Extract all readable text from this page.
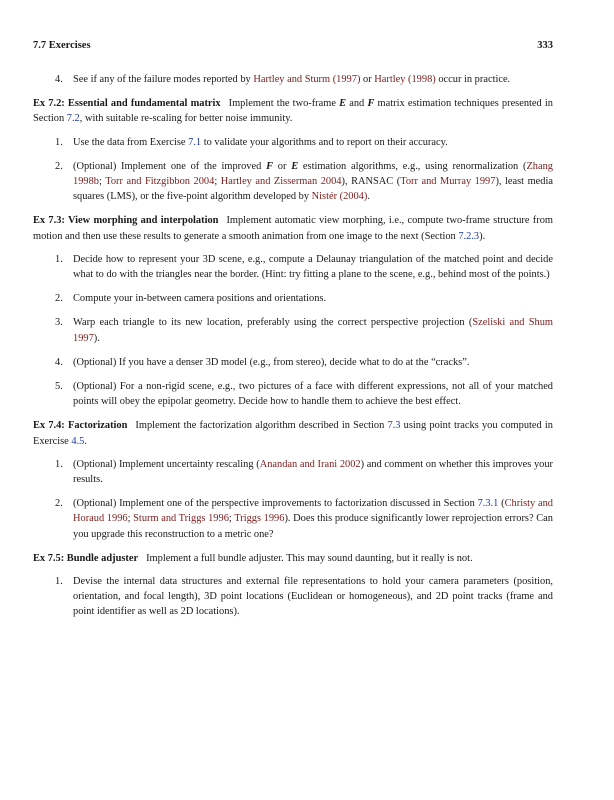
7.7 Exercises	333
4. See if any of the failure modes reported by Hartley and Sturm (1997) or Hartley (1998) occur in practice.

Ex 7.2: Essential and fundamental matrix Implement the two-frame E and F matrix estimation techniques presented in Section 7.2, with suitable re-scaling for better noise immunity.

1. Use the data from Exercise 7.1 to validate your algorithms and to report on their accuracy.
2. (Optional) Implement one of the improved F or E estimation algorithms, e.g., using renormalization (Zhang 1998b; Torr and Fitzgibbon 2004; Hartley and Zisserman 2004), RANSAC (Torr and Murray 1997), least media squares (LMS), or the five-point algorithm developed by Nistér (2004).

Ex 7.3: View morphing and interpolation Implement automatic view morphing, i.e., compute two-frame structure from motion and then use these results to generate a smooth animation from one image to the next (Section 7.2.3).

1. Decide how to represent your 3D scene, e.g., compute a Delaunay triangulation of the matched point and decide what to do with the triangles near the border. (Hint: try fitting a plane to the scene, e.g., behind most of the points.)
2. Compute your in-between camera positions and orientations.
3. Warp each triangle to its new location, preferably using the correct perspective projection (Szeliski and Shum 1997).
4. (Optional) If you have a denser 3D model (e.g., from stereo), decide what to do at the “cracks”.
5. (Optional) For a non-rigid scene, e.g., two pictures of a face with different expressions, not all of your matched points will obey the epipolar geometry. Decide how to handle them to achieve the best effect.

Ex 7.4: Factorization Implement the factorization algorithm described in Section 7.3 using point tracks you computed in Exercise 4.5.

1. (Optional) Implement uncertainty rescaling (Anandan and Irani 2002) and comment on whether this improves your results.
2. (Optional) Implement one of the perspective improvements to factorization discussed in Section 7.3.1 (Christy and Horaud 1996; Sturm and Triggs 1996; Triggs 1996). Does this produce significantly lower reprojection errors? Can you upgrade this reconstruction to a metric one?

Ex 7.5: Bundle adjuster Implement a full bundle adjuster. This may sound daunting, but it really is not.

1. Devise the internal data structures and external file representations to hold your camera parameters (position, orientation, and focal length), 3D point locations (Euclidean or homogeneous), and 2D point tracks (frame and point identifier as well as 2D locations).
